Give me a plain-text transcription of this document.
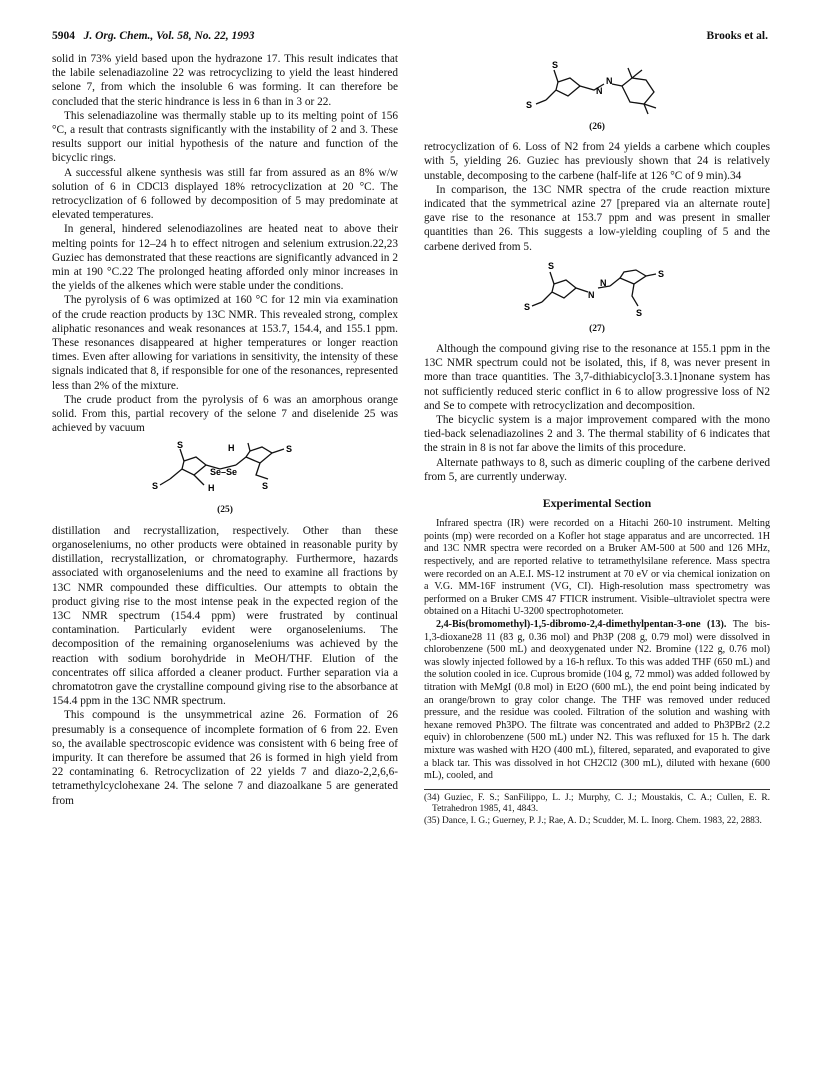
5904 J. Org. Chem., Vol. 58, No. 22, 1993	Brooks et al.

solid in 73% yield based upon the hydrazone 17. This result indicates that the labile selenadiazoline 22 was retrocyclizing to yield the least hindered selone 7, from which the insoluble 6 was forming. It can therefore be concluded that the steric hindrance is less in 6 than in 3 or 22.

This selenadiazoline was thermally stable up to its melting point of 156 °C, a result that contrasts significantly with the instability of 2 and 3. These results support our initial hypothesis of the nature and function of the bicyclic rings.

A successful alkene synthesis was still far from assured as an 8% w/w solution of 6 in CDCl3 displayed 18% retrocyclization at 20 °C. The retrocyclization of 6 followed by decomposition of 5 may predominate at elevated temperatures.

In general, hindered selenodiazolines are heated neat to above their melting points for 12–24 h to effect nitrogen and selenium extrusion.22,23 Guziec has demonstrated that these reactions are significantly advanced in 2 min at 190 °C.22 The prolonged heating afforded only minor increases in the yields of the alkenes which were stable under the conditions.

The pyrolysis of 6 was optimized at 160 °C for 12 min via examination of the crude reaction products by 13C NMR. This revealed strong, complex aliphatic resonances and weak resonances at 153.7, 154.4, and 155.1 ppm. These resonances disappeared at higher temperatures or longer reaction times. Even after allowing for variations in sensitivity, the intensity of these signals indicated that 8, if responsible for one of the resonances, represented less than 2% of the mixture.

The crude product from the pyrolysis of 6 was an amorphous orange solid. From this, partial recovery of the selone 7 and diselenide 25 was achieved by vacuum

S	H	S
Se–Se
S	H	S
(25)

distillation and recrystallization, respectively. Other than these organoseleniums, no other products were obtained in reasonable purity by distillation, recrystallization, or chromatography. Furthermore, hazards associated with organoseleniums and the need to examine all fractions by 13C NMR compounded these difficulties. Our attempts to obtain the product giving rise to the most intense peak in the expected region of the 13C NMR spectrum (154.4 ppm) were frustrated by continual contamination. Particularly evident were organoseleniums. The decomposition of the remaining organoseleniums was achieved by the reaction with sodium borohydride in MeOH/THF. Elution of the concentrates off silica afforded a cleaner product. Further separation via a chromatotron gave the crystalline compound giving rise to the absorbance at 154.4 ppm in the 13C NMR spectrum.

This compound is the unsymmetrical azine 26. Formation of 26 presumably is a consequence of incomplete formation of 6 from 22. Even so, the available spectroscopic evidence was consistent with 6 being free of impurity. It can therefore be assumed that 26 is formed in high yield from 22 contaminating 6. Retrocyclization of 22 yields 7 and diazo-2,2,6,6-tetramethylcyclohexane 24. The selone 7 and diazoalkane 5 are generated from

S
S
N
N
(26)

retrocyclization of 6. Loss of N2 from 24 yields a carbene which couples with 5, yielding 26. Guziec has previously shown that 24 is relatively unstable, decomposing to the carbene (half-life at 126 °C of 9 min).34

In comparison, the 13C NMR spectra of the crude reaction mixture indicated that the symmetrical azine 27 [prepared via an alternate route] gave rise to the resonance at 153.7 ppm and was present in smaller quantities than 26. This suggests a low-yielding coupling of 5 and the carbene derived from 5.

S
S
N
N
S
S
(27)

Although the compound giving rise to the resonance at 155.1 ppm in the 13C NMR spectrum could not be isolated, this, if 8, was never present in more than trace quantities. The 3,7-dithiabicyclo[3.3.1]nonane system has not sufficiently reduced steric conflict in 6 to allow progressive loss of N2 and Se to compete with retrocyclization and decomposition.

The bicyclic system is a major improvement compared with the mono tied-back selenadiazolines 2 and 3. The thermal stability of 6 indicates that the strain in 8 is not far above the limits of this procedure.

Alternate pathways to 8, such as dimeric coupling of the carbene derived from 5, are currently underway.

Experimental Section

Infrared spectra (IR) were recorded on a Hitachi 260-10 instrument. Melting points (mp) were recorded on a Kofler hot stage apparatus and are uncorrected. 1H and 13C NMR spectra were recorded on a Bruker AM-500 at 500 and 126 MHz, respectively, and are reported relative to tetramethylsilane reference. Mass spectra were recorded on an A.E.I. MS-12 instrument at 70 eV or via chemical ionization on a V.G. MM-16F instrument (VG, CI). High-resolution mass spectrometry was performed on a Bruker CMS 47 FTICR instrument. Visible–ultraviolet spectra were obtained on a Hitachi U-3200 spectrophotometer.

2,4-Bis(bromomethyl)-1,5-dibromo-2,4-dimethylpentan-3-one (13). The bis-1,3-dioxane28 11 (83 g, 0.36 mol) and Ph3P (208 g, 0.79 mol) were dissolved in chlorobenzene (500 mL) and deoxygenated under N2. Bromine (122 g, 0.76 mol) was slowly injected followed by a 16-h reflux. To this was added THF (650 mL) and the solution cooled in ice. Cuprous bromide (104 g, 72 mmol) was added followed by titration with MeMgI (0.8 mol) in Et2O (600 mL), the end point being indicated by an orange/brown to gray color change. The THF was removed under reduced pressure, and the residue was cooled. Filtration of the solution and washing with hexane removed Ph3PO. The filtrate was concentrated and added to Ph3PBr2 (2.2 equiv) in chlorobenzene (500 mL) under N2. This was refluxed for 15 h. The dark mixture was washed with H2O (400 mL), filtered, separated, and evaporated to give a black tar. This was dissolved in hot CH2Cl2 (300 mL), diluted with hexane (600 mL), cooled, and

(34) Guziec, F. S.; SanFilippo, L. J.; Murphy, C. J.; Moustakis, C. A.; Cullen, E. R. Tetrahedron 1985, 41, 4843.
(35) Dance, I. G.; Guerney, P. J.; Rae, A. D.; Scudder, M. L. Inorg. Chem. 1983, 22, 2883.
